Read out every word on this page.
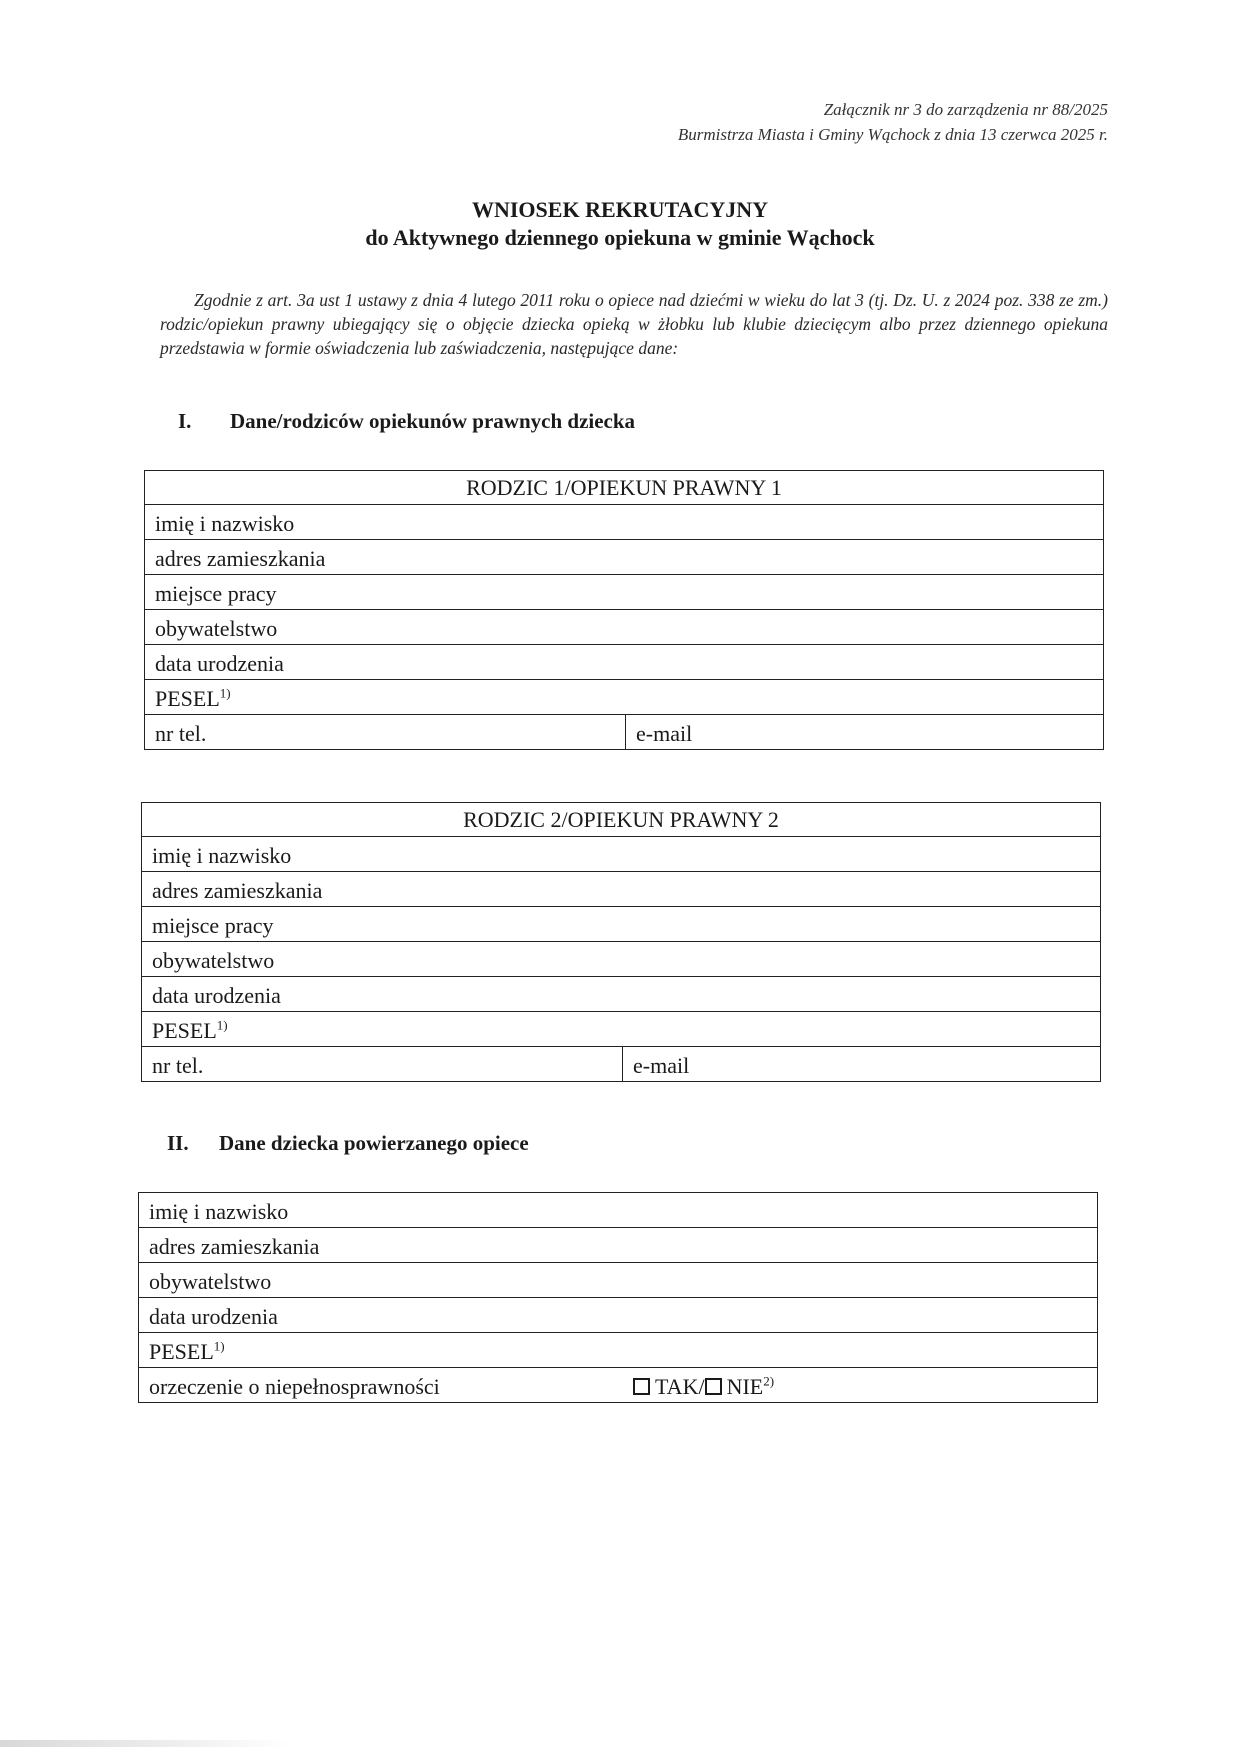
Załącznik nr 3 do zarządzenia nr 88/2025
Burmistrza Miasta i Gminy Wąchock z dnia 13 czerwca 2025 r.
WNIOSEK REKRUTACYJNY
do Aktywnego dziennego opiekuna w gminie Wąchock
Zgodnie z art. 3a ust 1 ustawy z dnia 4 lutego 2011 roku o opiece nad dziećmi w wieku do lat 3 (tj. Dz. U. z 2024 poz. 338 ze zm.) rodzic/opiekun prawny ubiegający się o objęcie dziecka opieką w żłobku lub klubie dziecięcym albo przez dziennego opiekuna przedstawia w formie oświadczenia lub zaświadczenia, następujące dane:
I. Dane/rodziców opiekunów prawnych dziecka
RODZIC 1/OPIEKUN PRAWNY 1
imię i nazwisko
adres zamieszkania
miejsce pracy
obywatelstwo
data urodzenia
PESEL$^{1)}$
nr tel.	e-mail
RODZIC 2/OPIEKUN PRAWNY 2
imię i nazwisko
adres zamieszkania
miejsce pracy
obywatelstwo
data urodzenia
PESEL$^{1)}$
nr tel.	e-mail
II. Dane dziecka powierzanego opiece
imię i nazwisko
adres zamieszkania
obywatelstwo
data urodzenia
PESEL$^{1)}$
orzeczenie o niepełnosprawności	TAK/ NIE$^{2)}$
